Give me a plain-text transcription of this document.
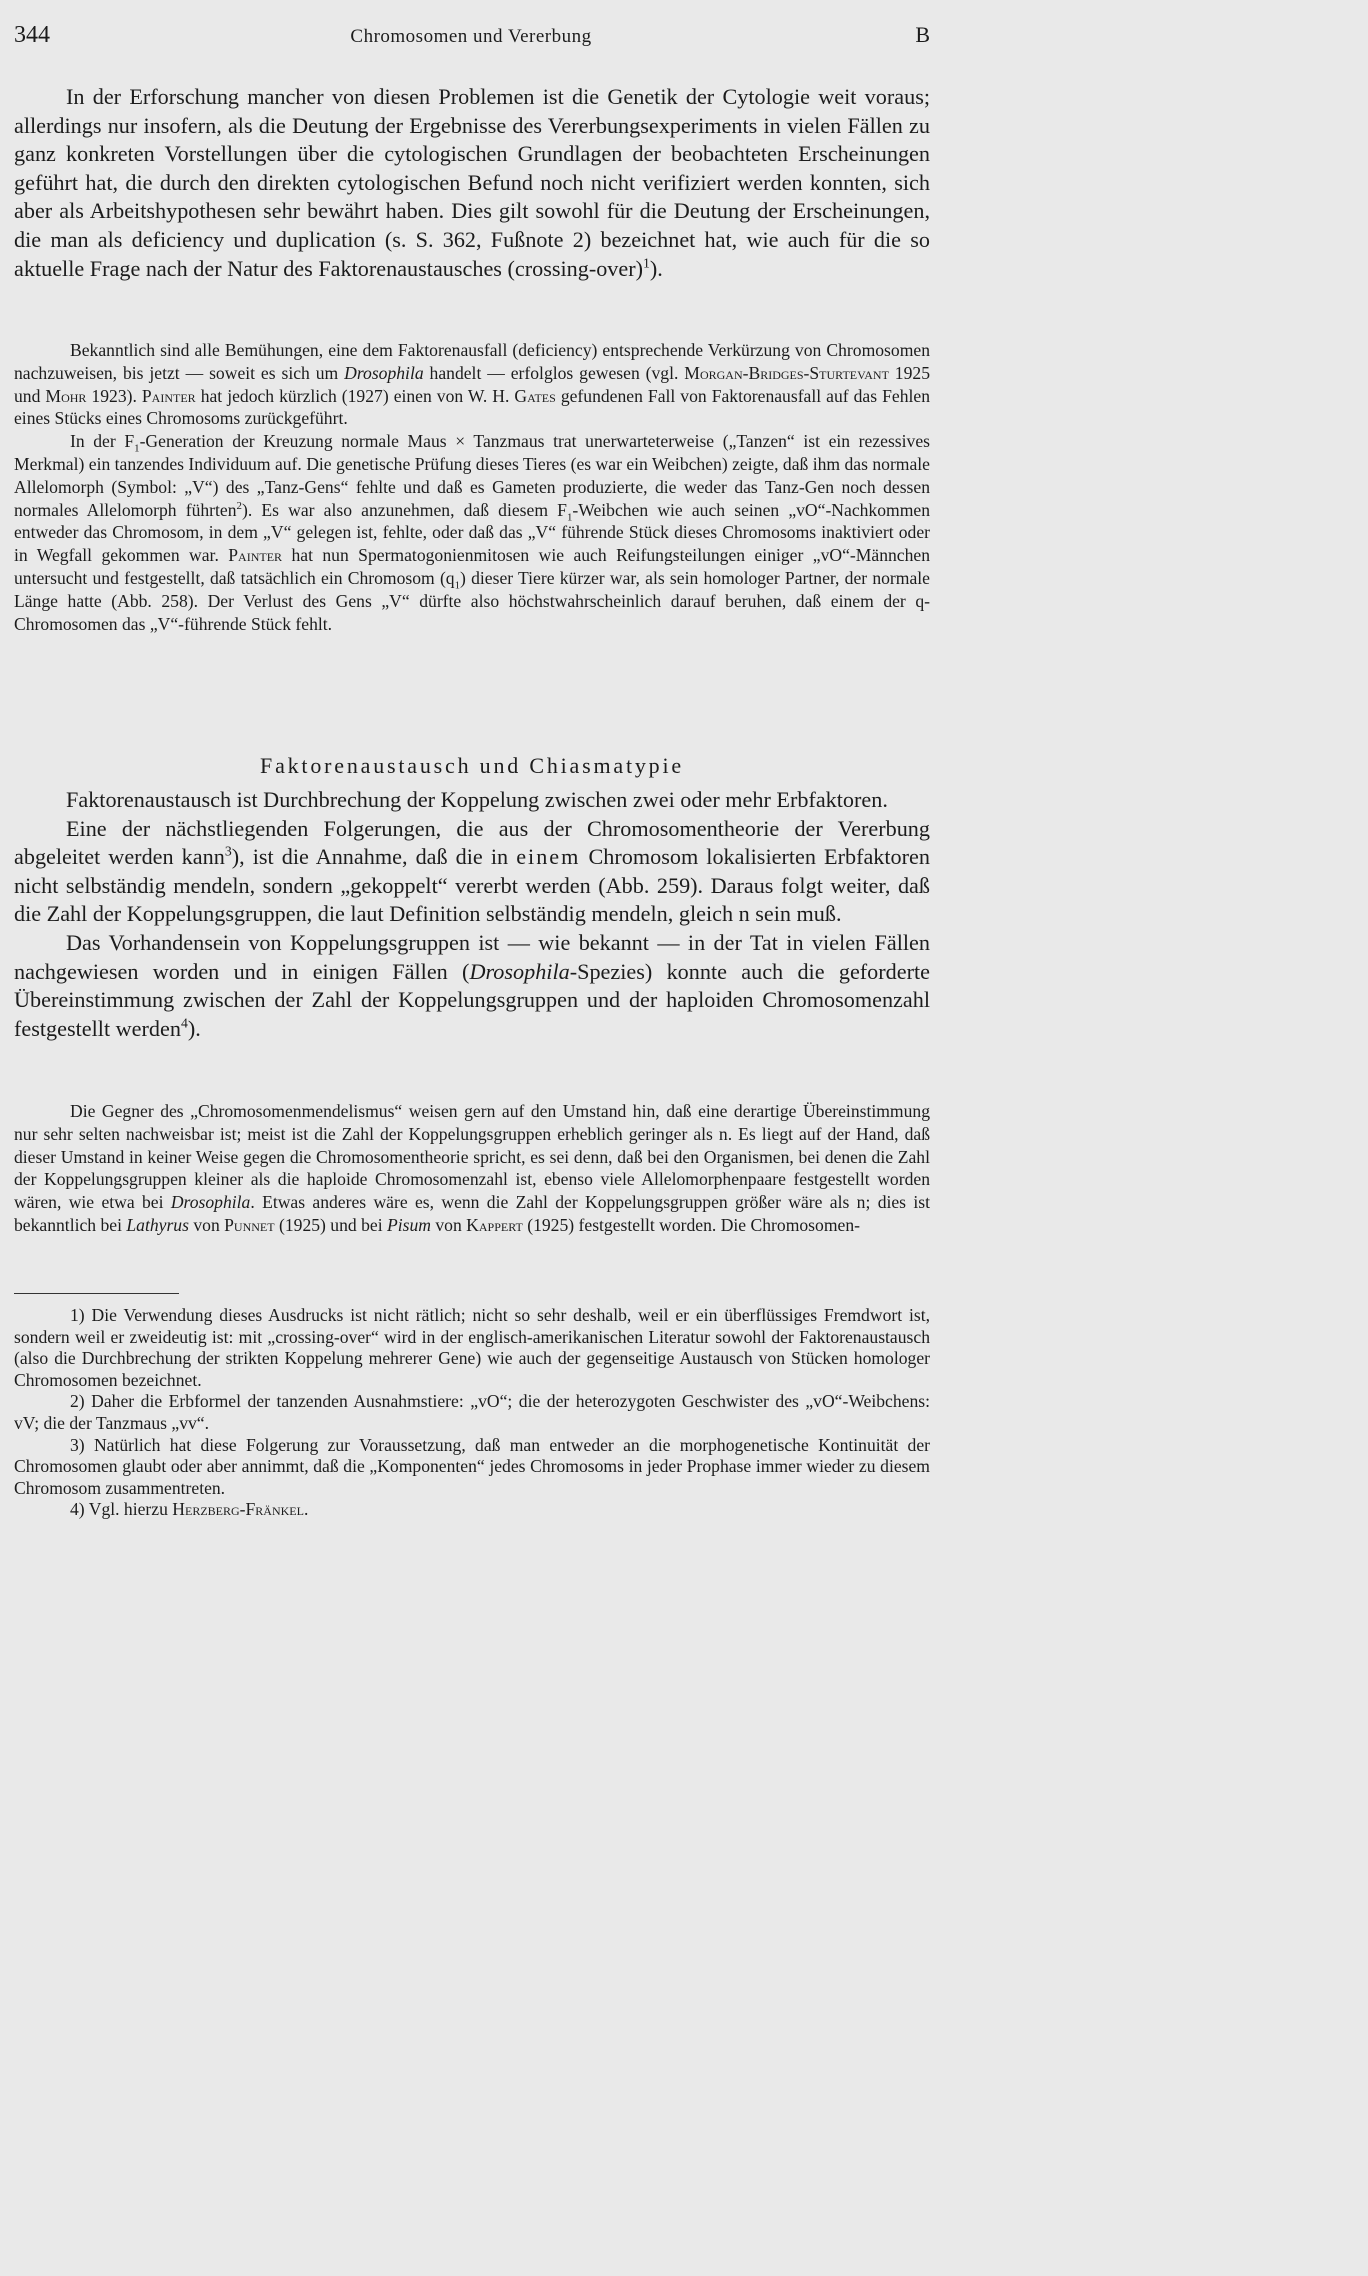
344	Chromosomen und Vererbung	B

In der Erforschung mancher von diesen Problemen ist die Genetik der Cytologie weit voraus; allerdings nur insofern, als die Deutung der Ergebnisse des Vererbungsexperiments in vielen Fällen zu ganz konkreten Vorstellungen über die cytologischen Grundlagen der beobachteten Erscheinungen geführt hat, die durch den direkten cytologischen Befund noch nicht verifiziert werden konnten, sich aber als Arbeitshypothesen sehr bewährt haben. Dies gilt sowohl für die Deutung der Erscheinungen, die man als deficiency und duplication (s. S. 362, Fußnote 2) bezeichnet hat, wie auch für die so aktuelle Frage nach der Natur des Faktorenaustausches (crossing-over)$^1$).

Bekanntlich sind alle Bemühungen, eine dem Faktorenausfall (deficiency) entsprechende Verkürzung von Chromosomen nachzuweisen, bis jetzt — soweit es sich um Drosophila handelt — erfolglos gewesen (vgl. Morgan-Bridges-Sturtevant 1925 und Mohr 1923). Painter hat jedoch kürzlich (1927) einen von W. H. Gates gefundenen Fall von Faktorenausfall auf das Fehlen eines Stücks eines Chromosoms zurückgeführt.

In der $F_1$-Generation der Kreuzung normale Maus × Tanzmaus trat unerwarteterweise („Tanzen“ ist ein rezessives Merkmal) ein tanzendes Individuum auf. Die genetische Prüfung dieses Tieres (es war ein Weibchen) zeigte, daß ihm das normale Allelomorph (Symbol: „V“) des „Tanz-Gens“ fehlte und daß es Gameten produzierte, die weder das Tanz-Gen noch dessen normales Allelomorph führten$^2$). Es war also anzunehmen, daß diesem $F_1$-Weibchen wie auch seinen „vO“-Nachkommen entweder das Chromosom, in dem „V“ gelegen ist, fehlte, oder daß das „V“ führende Stück dieses Chromosoms inaktiviert oder in Wegfall gekommen war. Painter hat nun Spermatogonienmitosen wie auch Reifungsteilungen einiger „vO“-Männchen untersucht und festgestellt, daß tatsächlich ein Chromosom $(q_1)$ dieser Tiere kürzer war, als sein homologer Partner, der normale Länge hatte (Abb. 258). Der Verlust des Gens „V“ dürfte also höchstwahrscheinlich darauf beruhen, daß einem der q-Chromosomen das „V“-führende Stück fehlt.

Faktorenaustausch und Chiasmatypie

Faktorenaustausch ist Durchbrechung der Koppelung zwischen zwei oder mehr Erbfaktoren.

Eine der nächstliegenden Folgerungen, die aus der Chromosomentheorie der Vererbung abgeleitet werden kann$^3$), ist die Annahme, daß die in einem Chromosom lokalisierten Erbfaktoren nicht selbständig mendeln, sondern „gekoppelt“ vererbt werden (Abb. 259). Daraus folgt weiter, daß die Zahl der Koppelungsgruppen, die laut Definition selbständig mendeln, gleich n sein muß.

Das Vorhandensein von Koppelungsgruppen ist — wie bekannt — in der Tat in vielen Fällen nachgewiesen worden und in einigen Fällen (Drosophila-Spezies) konnte auch die geforderte Übereinstimmung zwischen der Zahl der Koppelungsgruppen und der haploiden Chromosomenzahl festgestellt werden$^4$).

Die Gegner des „Chromosomenmendelismus“ weisen gern auf den Umstand hin, daß eine derartige Übereinstimmung nur sehr selten nachweisbar ist; meist ist die Zahl der Koppelungsgruppen erheblich geringer als n. Es liegt auf der Hand, daß dieser Umstand in keiner Weise gegen die Chromosomentheorie spricht, es sei denn, daß bei den Organismen, bei denen die Zahl der Koppelungsgruppen kleiner als die haploide Chromosomenzahl ist, ebenso viele Allelomorphenpaare festgestellt worden wären, wie etwa bei Drosophila. Etwas anderes wäre es, wenn die Zahl der Koppelungsgruppen größer wäre als n; dies ist bekanntlich bei Lathyrus von Punnet (1925) und bei Pisum von Kappert (1925) festgestellt worden. Die Chromosomen-

1) Die Verwendung dieses Ausdrucks ist nicht rätlich; nicht so sehr deshalb, weil er ein überflüssiges Fremdwort ist, sondern weil er zweideutig ist: mit „crossing-over“ wird in der englisch-amerikanischen Literatur sowohl der Faktorenaustausch (also die Durchbrechung der strikten Koppelung mehrerer Gene) wie auch der gegenseitige Austausch von Stücken homologer Chromosomen bezeichnet.

2) Daher die Erbformel der tanzenden Ausnahmstiere: „vO“; die der heterozygoten Geschwister des „vO“-Weibchens: vV; die der Tanzmaus „vv“.

3) Natürlich hat diese Folgerung zur Voraussetzung, daß man entweder an die morphogenetische Kontinuität der Chromosomen glaubt oder aber annimmt, daß die „Komponenten“ jedes Chromosoms in jeder Prophase immer wieder zu diesem Chromosom zusammentreten.

4) Vgl. hierzu Herzberg-Fränkel.
